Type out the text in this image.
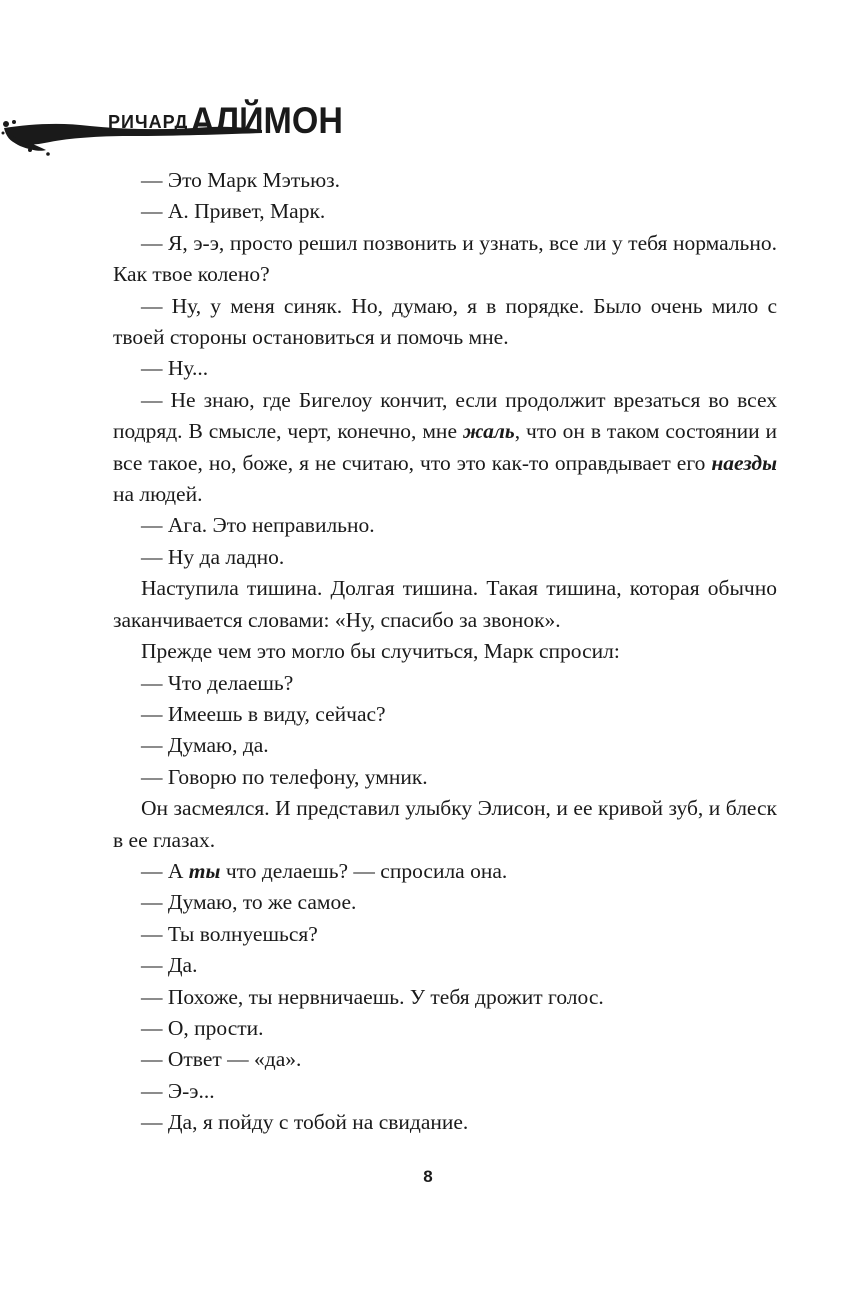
РИЧАРДАЛЙМОН

— Это Марк Мэтьюз.

— А. Привет, Марк.

— Я, э-э, просто решил позвонить и узнать, все ли у тебя нормально. Как твое колено?

— Ну, у меня синяк. Но, думаю, я в порядке. Было очень мило с твоей стороны остановиться и помочь мне.

— Ну...

— Не знаю, где Бигелоу кончит, если продолжит врезаться во всех подряд. В смысле, черт, конечно, мне жаль, что он в таком состоянии и все такое, но, боже, я не считаю, что это как-то оправдывает его наезды на людей.

— Ага. Это неправильно.

— Ну да ладно.

Наступила тишина. Долгая тишина. Такая тишина, которая обычно заканчивается словами: «Ну, спасибо за звонок».

Прежде чем это могло бы случиться, Марк спросил:

— Что делаешь?

— Имеешь в виду, сейчас?

— Думаю, да.

— Говорю по телефону, умник.

Он засмеялся. И представил улыбку Элисон, и ее кривой зуб, и блеск в ее глазах.

— А ты что делаешь? — спросила она.

— Думаю, то же самое.

— Ты волнуешься?

— Да.

— Похоже, ты нервничаешь. У тебя дрожит голос.

— О, прости.

— Ответ — «да».

— Э-э...

— Да, я пойду с тобой на свидание.

8
